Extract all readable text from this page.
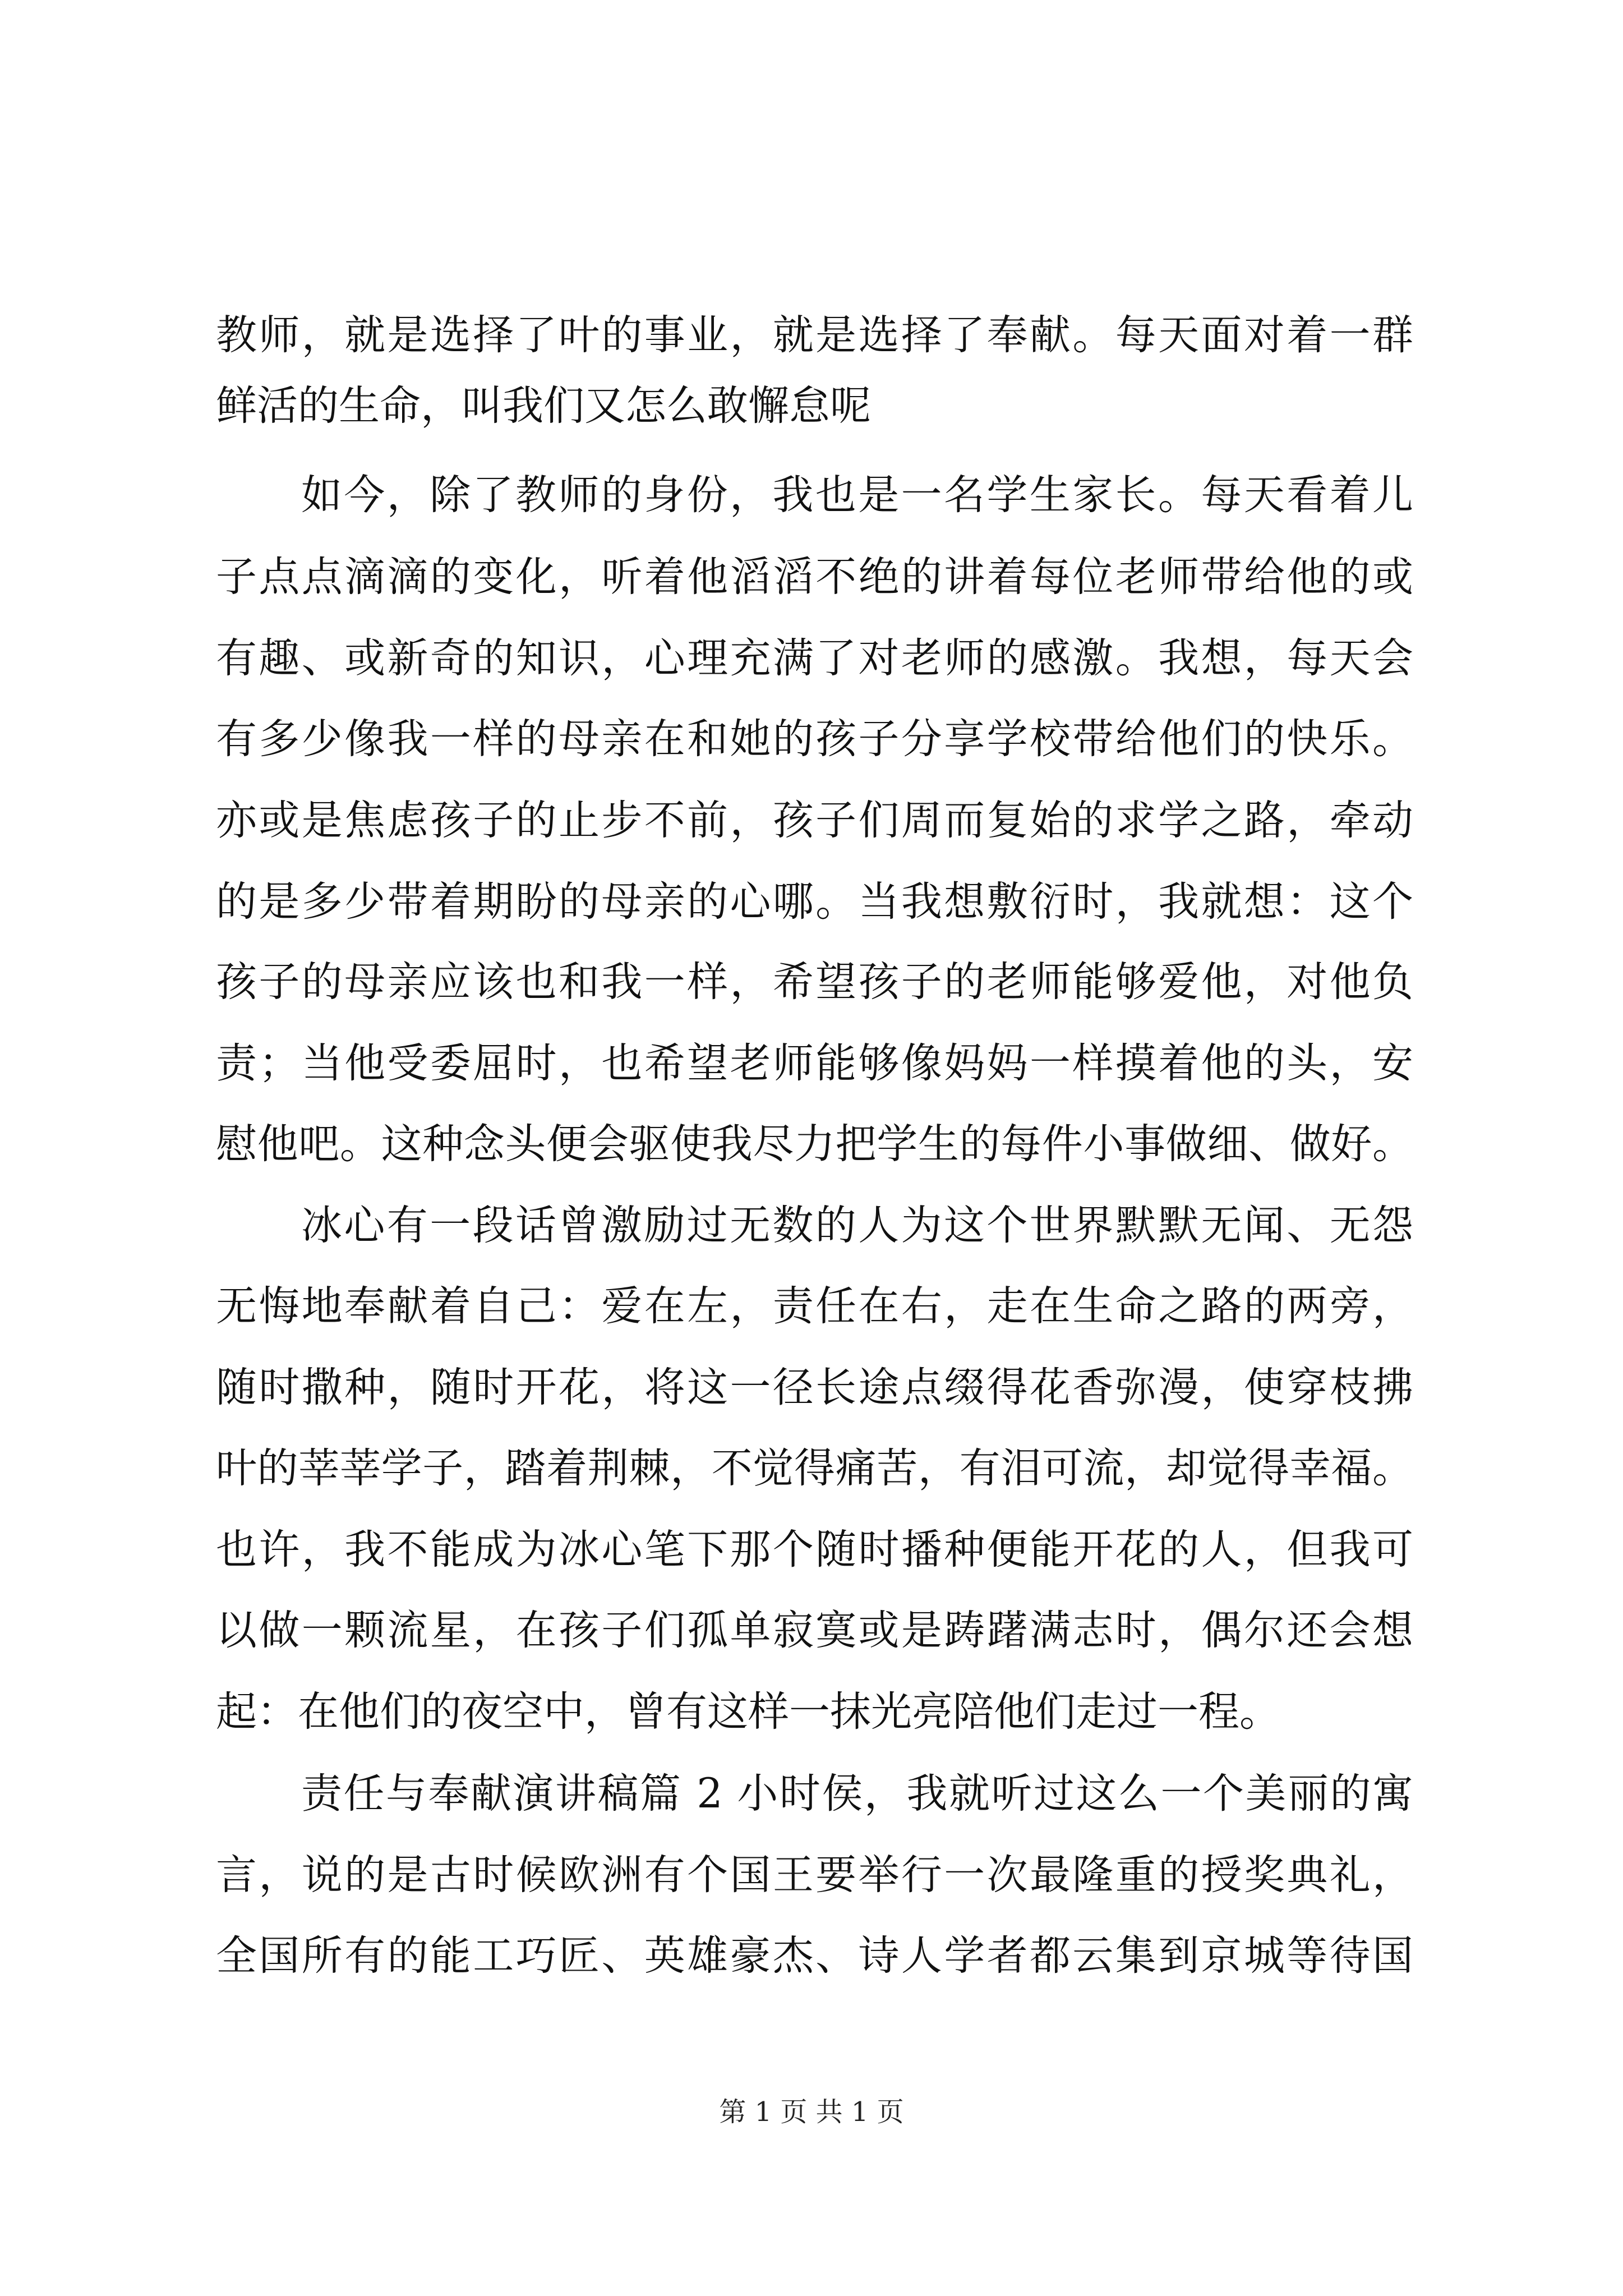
教师，就是选择了叶的事业，就是选择了奉献。每天面对着一群
鲜活的生命，叫我们又怎么敢懈怠呢
如今，除了教师的身份，我也是一名学生家长。每天看着儿
子点点滴滴的变化，听着他滔滔不绝的讲着每位老师带给他的或
有趣、或新奇的知识，心理充满了对老师的感激。我想，每天会
有多少像我一样的母亲在和她的孩子分享学校带给他们的快乐。
亦或是焦虑孩子的止步不前，孩子们周而复始的求学之路，牵动
的是多少带着期盼的母亲的心哪。当我想敷衍时，我就想：这个
孩子的母亲应该也和我一样，希望孩子的老师能够爱他，对他负
责；当他受委屈时，也希望老师能够像妈妈一样摸着他的头，安
慰他吧。这种念头便会驱使我尽力把学生的每件小事做细、做好。
冰心有一段话曾激励过无数的人为这个世界默默无闻、无怨
无悔地奉献着自己：爱在左，责任在右，走在生命之路的两旁，
随时撒种，随时开花，将这一径长途点缀得花香弥漫，使穿枝拂
叶的莘莘学子，踏着荆棘，不觉得痛苦，有泪可流，却觉得幸福。
也许，我不能成为冰心笔下那个随时播种便能开花的人，但我可
以做一颗流星，在孩子们孤单寂寞或是踌躇满志时，偶尔还会想
起：在他们的夜空中，曾有这样一抹光亮陪他们走过一程。
责任与奉献演讲稿篇 2 小时侯，我就听过这么一个美丽的寓
言，说的是古时候欧洲有个国王要举行一次最隆重的授奖典礼，
全国所有的能工巧匠、英雄豪杰、诗人学者都云集到京城等待国
第 1 页 共 1 页
